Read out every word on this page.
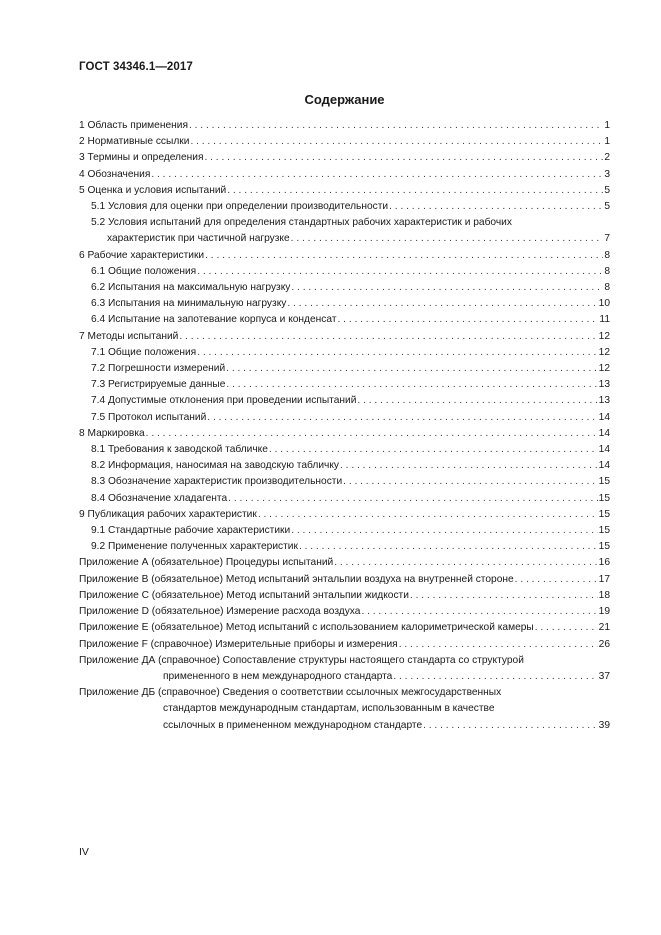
ГОСТ 34346.1—2017
Содержание
1 Область применения . . .	1
2 Нормативные ссылки . . .	1
3 Термины и определения . . .	2
4 Обозначения . . .	3
5 Оценка и условия испытаний . . .	5
5.1 Условия для оценки при определении производительности . . .	5
5.2 Условия испытаний для определения стандартных рабочих характеристик и рабочих
характеристик при частичной нагрузке . . .	7
6 Рабочие характеристики . . .	8
6.1 Общие положения . . .	8
6.2 Испытания на максимальную нагрузку . . .	8
6.3 Испытания на минимальную нагрузку . . .	10
6.4 Испытание на запотевание корпуса и конденсат . . .	11
7 Методы испытаний . . .	12
7.1 Общие положения . . .	12
7.2 Погрешности измерений . . .	12
7.3 Регистрируемые данные . . .	13
7.4 Допустимые отклонения при проведении испытаний . . .	13
7.5 Протокол испытаний . . .	14
8 Маркировка . . .	14
8.1 Требования к заводской табличке . . .	14
8.2 Информация, наносимая на заводскую табличку . . .	14
8.3 Обозначение характеристик производительности . . .	15
8.4 Обозначение хладагента . . .	15
9 Публикация рабочих характеристик . . .	15
9.1 Стандартные рабочие характеристики . . .	15
9.2 Применение полученных характеристик . . .	15
Приложение А (обязательное) Процедуры испытаний . . .	16
Приложение В (обязательное) Метод испытаний энтальпии воздуха на внутренней стороне . . .	17
Приложение С (обязательное) Метод испытаний энтальпии жидкости . . .	18
Приложение D (обязательное) Измерение расхода воздуха . . .	19
Приложение Е (обязательное) Метод испытаний с использованием калориметрической камеры . . .	21
Приложение F (справочное) Измерительные приборы и измерения . . .	26
Приложение ДА (справочное) Сопоставление структуры настоящего стандарта со структурой
примененного в нем международного стандарта . . .	37
Приложение ДБ (справочное) Сведения о соответствии ссылочных межгосударственных
стандартов международным стандартам, использованным в качестве
ссылочных в примененном международном стандарте . . .	39
IV
